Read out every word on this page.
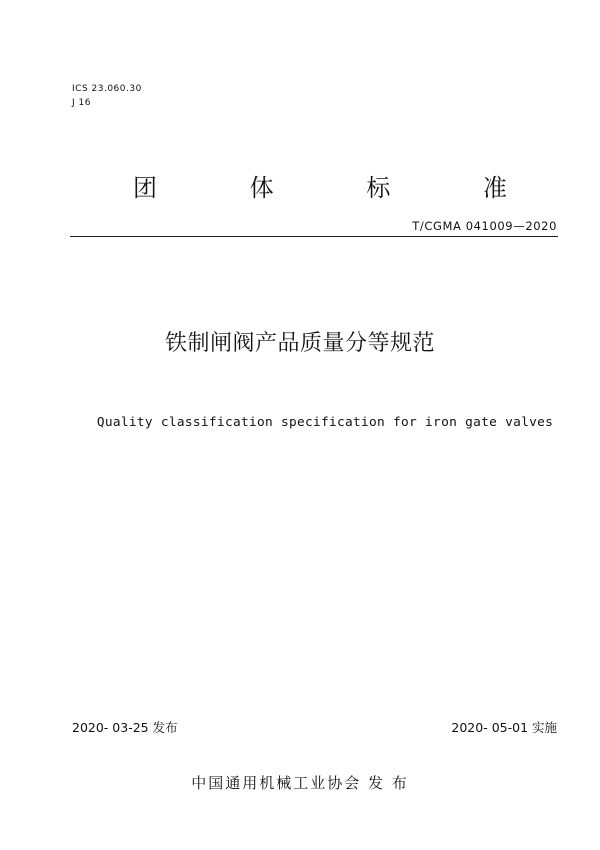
ICS 23.060.30
J 16
团	体	标	准
T/CGMA 041009—2020
铁制闸阀产品质量分等规范
Quality classification specification for iron gate valves
2020- 03-25 发布	2020- 05-01 实施
中国通用机械工业协会 发 布
